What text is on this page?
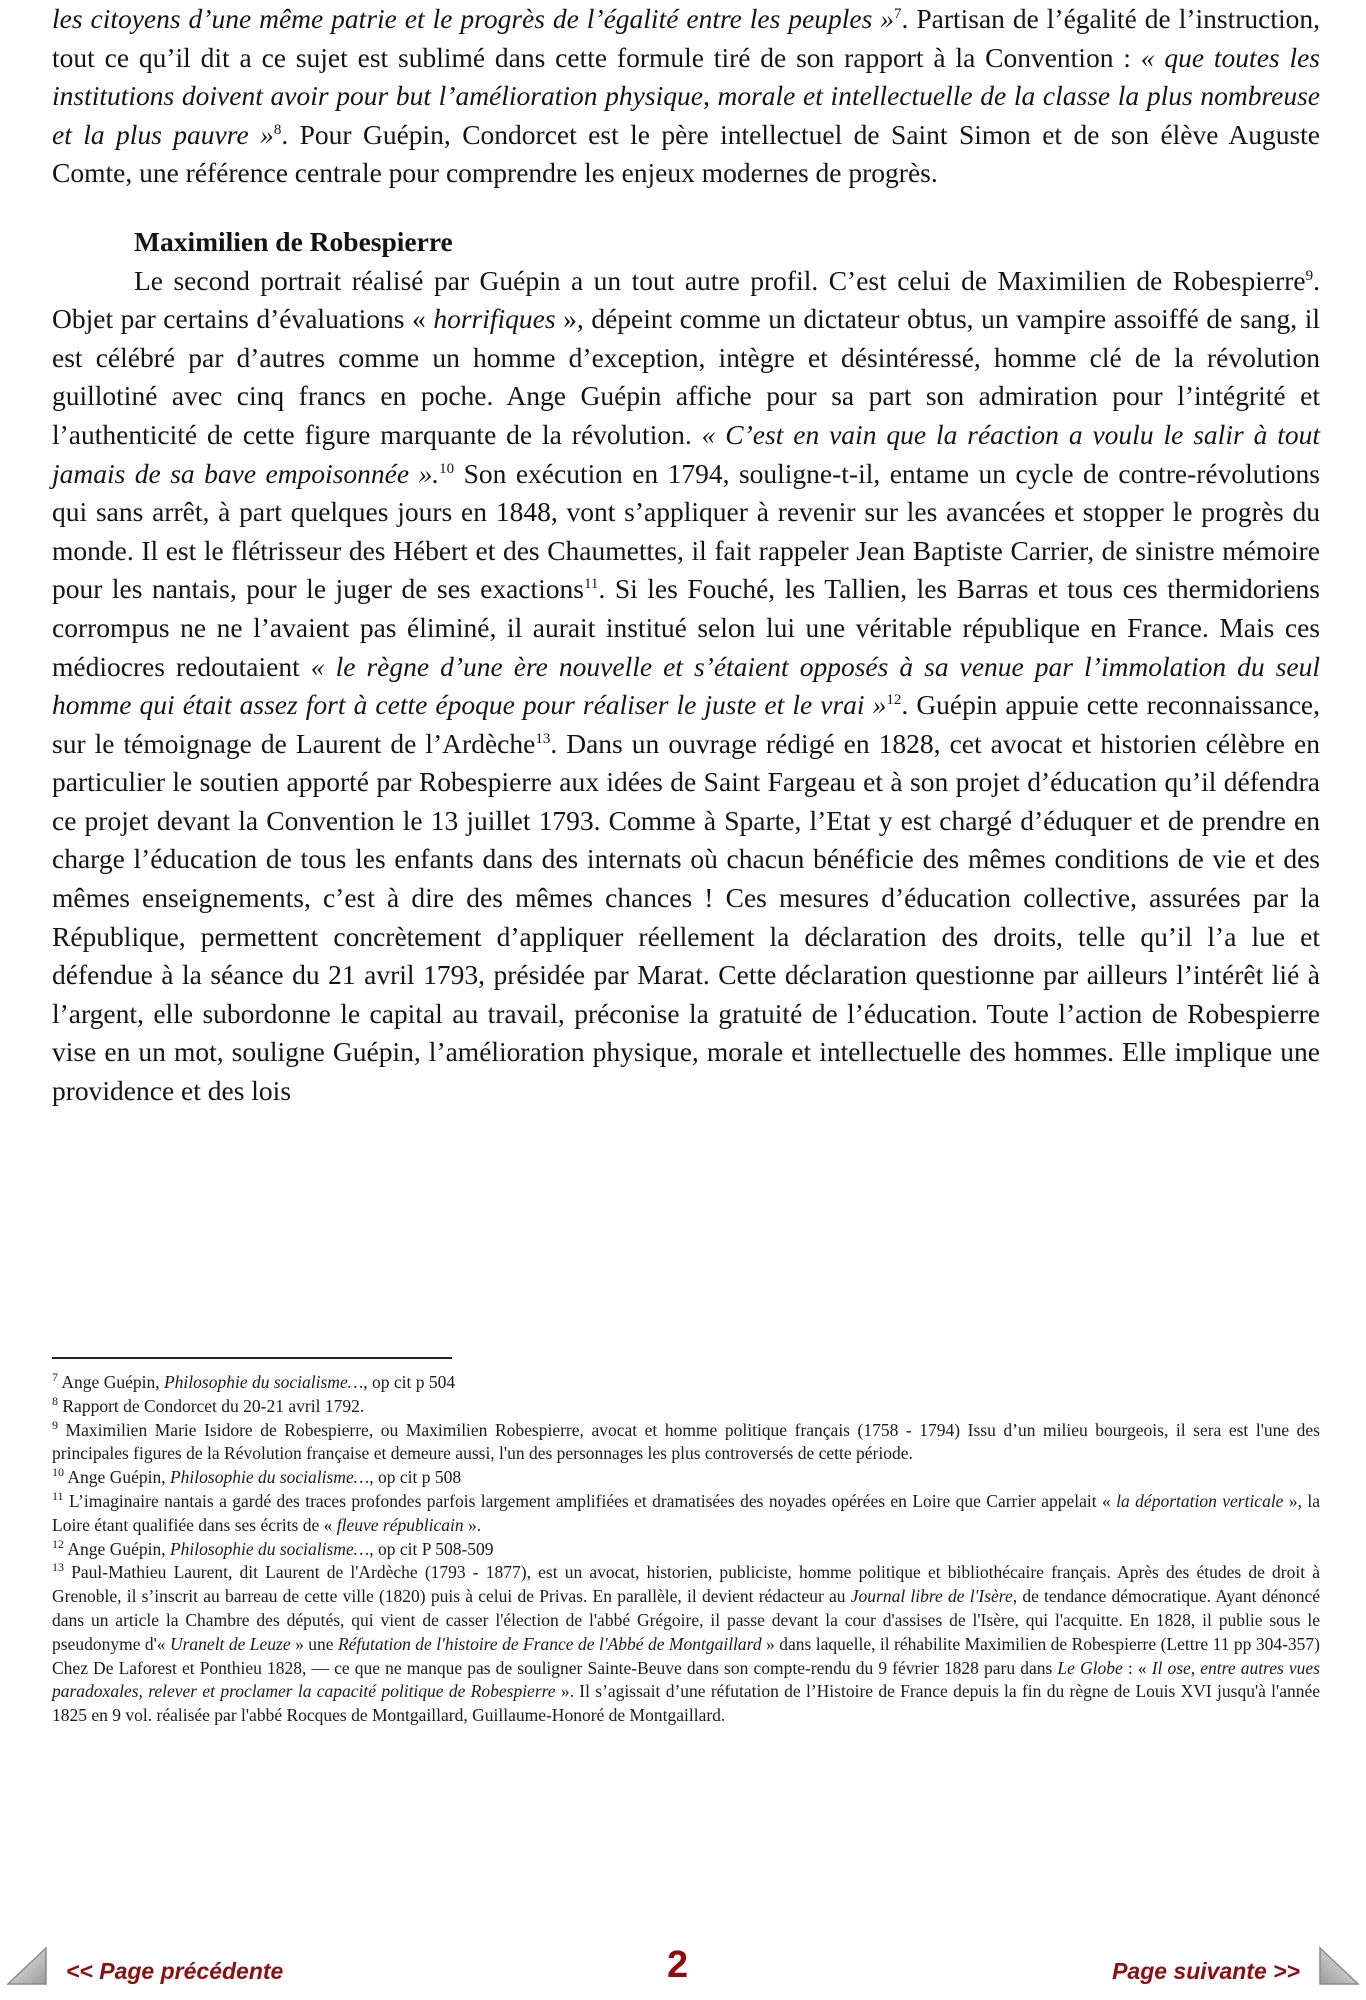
les citoyens d’une même patrie et le progrès de l’égalité entre les peuples »$^7$. Partisan de l’égalité de l’instruction, tout ce qu’il dit a ce sujet est sublimé dans cette formule tiré de son rapport à la Convention : « que toutes les institutions doivent avoir pour but l’amélioration physique, morale et intellectuelle de la classe la plus nombreuse et la plus pauvre »$^8$. Pour Guépin, Condorcet est le père intellectuel de Saint Simon et de son élève Auguste Comte, une référence centrale pour comprendre les enjeux modernes de progrès.

Maximilien de Robespierre

Le second portrait réalisé par Guépin a un tout autre profil. C’est celui de Maximilien de Robespierre$^9$. Objet par certains d’évaluations « horrifiques », dépeint comme un dictateur obtus, un vampire assoiffé de sang, il est célébré par d’autres comme un homme d’exception, intègre et désintéressé, homme clé de la révolution guillotiné avec cinq francs en poche. Ange Guépin affiche pour sa part son admiration pour l’intégrité et l’authenticité de cette figure marquante de la révolution. « C’est en vain que la réaction a voulu le salir à tout jamais de sa bave empoisonnée ».$^{10}$ Son exécution en 1794, souligne-t-il, entame un cycle de contre-révolutions qui sans arrêt, à part quelques jours en 1848, vont s’appliquer à revenir sur les avancées et stopper le progrès du monde. Il est le flétrisseur des Hébert et des Chaumettes, il fait rappeler Jean Baptiste Carrier, de sinistre mémoire pour les nantais, pour le juger de ses exactions$^{11}$. Si les Fouché, les Tallien, les Barras et tous ces thermidoriens corrompus ne ne l’avaient pas éliminé, il aurait institué selon lui une véritable république en France. Mais ces médiocres redoutaient « le règne d’une ère nouvelle et s’étaient opposés à sa venue par l’immolation du seul homme qui était assez fort à cette époque pour réaliser le juste et le vrai »$^{12}$. Guépin appuie cette reconnaissance, sur le témoignage de Laurent de l’Ardèche$^{13}$. Dans un ouvrage rédigé en 1828, cet avocat et historien célèbre en particulier le soutien apporté par Robespierre aux idées de Saint Fargeau et à son projet d’éducation qu’il défendra ce projet devant la Convention le 13 juillet 1793. Comme à Sparte, l’Etat y est chargé d’éduquer et de prendre en charge l’éducation de tous les enfants dans des internats où chacun bénéficie des mêmes conditions de vie et des mêmes enseignements, c’est à dire des mêmes chances ! Ces mesures d’éducation collective, assurées par la République, permettent concrètement d’appliquer réellement la déclaration des droits, telle qu’il l’a lue et défendue à la séance du 21 avril 1793, présidée par Marat. Cette déclaration questionne par ailleurs l’intérêt lié à l’argent, elle subordonne le capital au travail, préconise la gratuité de l’éducation. Toute l’action de Robespierre vise en un mot, souligne Guépin, l’amélioration physique, morale et intellectuelle des hommes. Elle implique une providence et des lois

$^7$ Ange Guépin, Philosophie du socialisme…, op cit p 504

$^8$ Rapport de Condorcet du 20-21 avril 1792.

$^9$ Maximilien Marie Isidore de Robespierre, ou Maximilien Robespierre, avocat et homme politique français (1758 - 1794) Issu d’un milieu bourgeois, il sera est l'une des principales figures de la Révolution française et demeure aussi, l'un des personnages les plus controversés de cette période.

$^{10}$ Ange Guépin, Philosophie du socialisme…, op cit p 508

$^{11}$ L’imaginaire nantais a gardé des traces profondes parfois largement amplifiées et dramatisées des noyades opérées en Loire que Carrier appelait « la déportation verticale », la Loire étant qualifiée dans ses écrits de « fleuve républicain ».

$^{12}$ Ange Guépin, Philosophie du socialisme…, op cit P 508-509

$^{13}$ Paul-Mathieu Laurent, dit Laurent de l'Ardèche (1793 - 1877), est un avocat, historien, publiciste, homme politique et bibliothécaire français. Après des études de droit à Grenoble, il s’inscrit au barreau de cette ville (1820) puis à celui de Privas. En parallèle, il devient rédacteur au Journal libre de l'Isère, de tendance démocratique. Ayant dénoncé dans un article la Chambre des députés, qui vient de casser l'élection de l'abbé Grégoire, il passe devant la cour d'assises de l'Isère, qui l'acquitte. En 1828, il publie sous le pseudonyme d'« Uranelt de Leuze » une Réfutation de l'histoire de France de l'Abbé de Montgaillard » dans laquelle, il réhabilite Maximilien de Robespierre (Lettre 11 pp 304-357) Chez De Laforest et Ponthieu 1828, — ce que ne manque pas de souligner Sainte-Beuve dans son compte-rendu du 9 février 1828 paru dans Le Globe : « Il ose, entre autres vues paradoxales, relever et proclamer la capacité politique de Robespierre ». Il s’agissait d’une réfutation de l’Histoire de France depuis la fin du règne de Louis XVI jusqu'à l'année 1825 en 9 vol. réalisée par l'abbé Rocques de Montgaillard, Guillaume-Honoré de Montgaillard.

<< Page précédente	2	Page suivante >>
